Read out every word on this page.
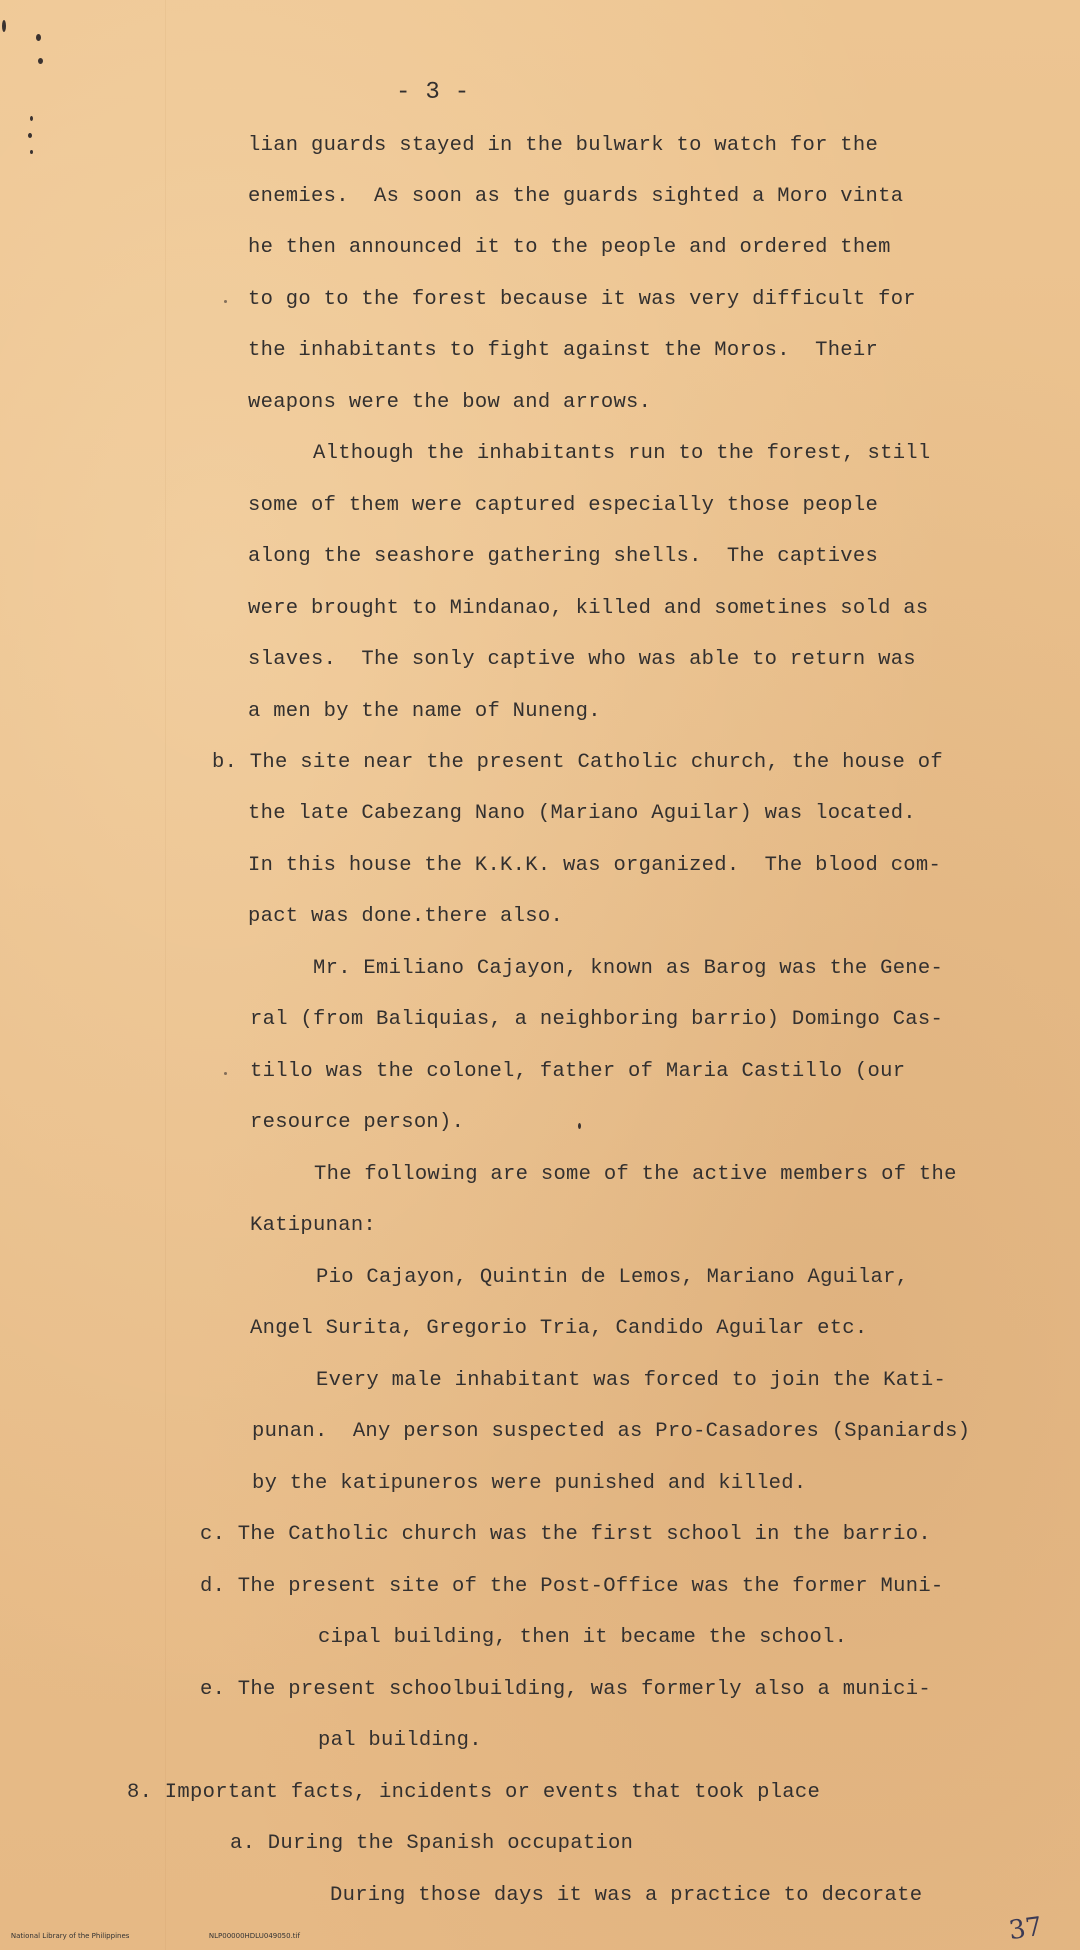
- 3 -
lian guards stayed in the bulwark to watch for the
enemies.  As soon as the guards sighted a Moro vinta
he then announced it to the people and ordered them
to go to the forest because it was very difficult for
the inhabitants to fight against the Moros.  Their
weapons were the bow and arrows.
Although the inhabitants run to the forest, still
some of them were captured especially those people
along the seashore gathering shells.  The captives
were brought to Mindanao, killed and sometines sold as
slaves.  The sonly captive who was able to return was
a men by the name of Nuneng.
b. The site near the present Catholic church, the house of
the late Cabezang Nano (Mariano Aguilar) was located.
In this house the K.K.K. was organized.  The blood com-
pact was done.there also.
Mr. Emiliano Cajayon, known as Barog was the Gene-
ral (from Baliquias, a neighboring barrio) Domingo Cas-
tillo was the colonel, father of Maria Castillo (our
resource person).
The following are some of the active members of the
Katipunan:
Pio Cajayon, Quintin de Lemos, Mariano Aguilar,
Angel Surita, Gregorio Tria, Candido Aguilar etc.
Every male inhabitant was forced to join the Kati-
punan.  Any person suspected as Pro-Casadores (Spaniards)
by the katipuneros were punished and killed.
c. The Catholic church was the first school in the barrio.
d. The present site of the Post-Office was the former Muni-
cipal building, then it became the school.
e. The present schoolbuilding, was formerly also a munici-
pal building.
8. Important facts, incidents or events that took place
a. During the Spanish occupation
During those days it was a practice to decorate
37

National Library of the Philippines
	NLP00000HDLU049050.tif
